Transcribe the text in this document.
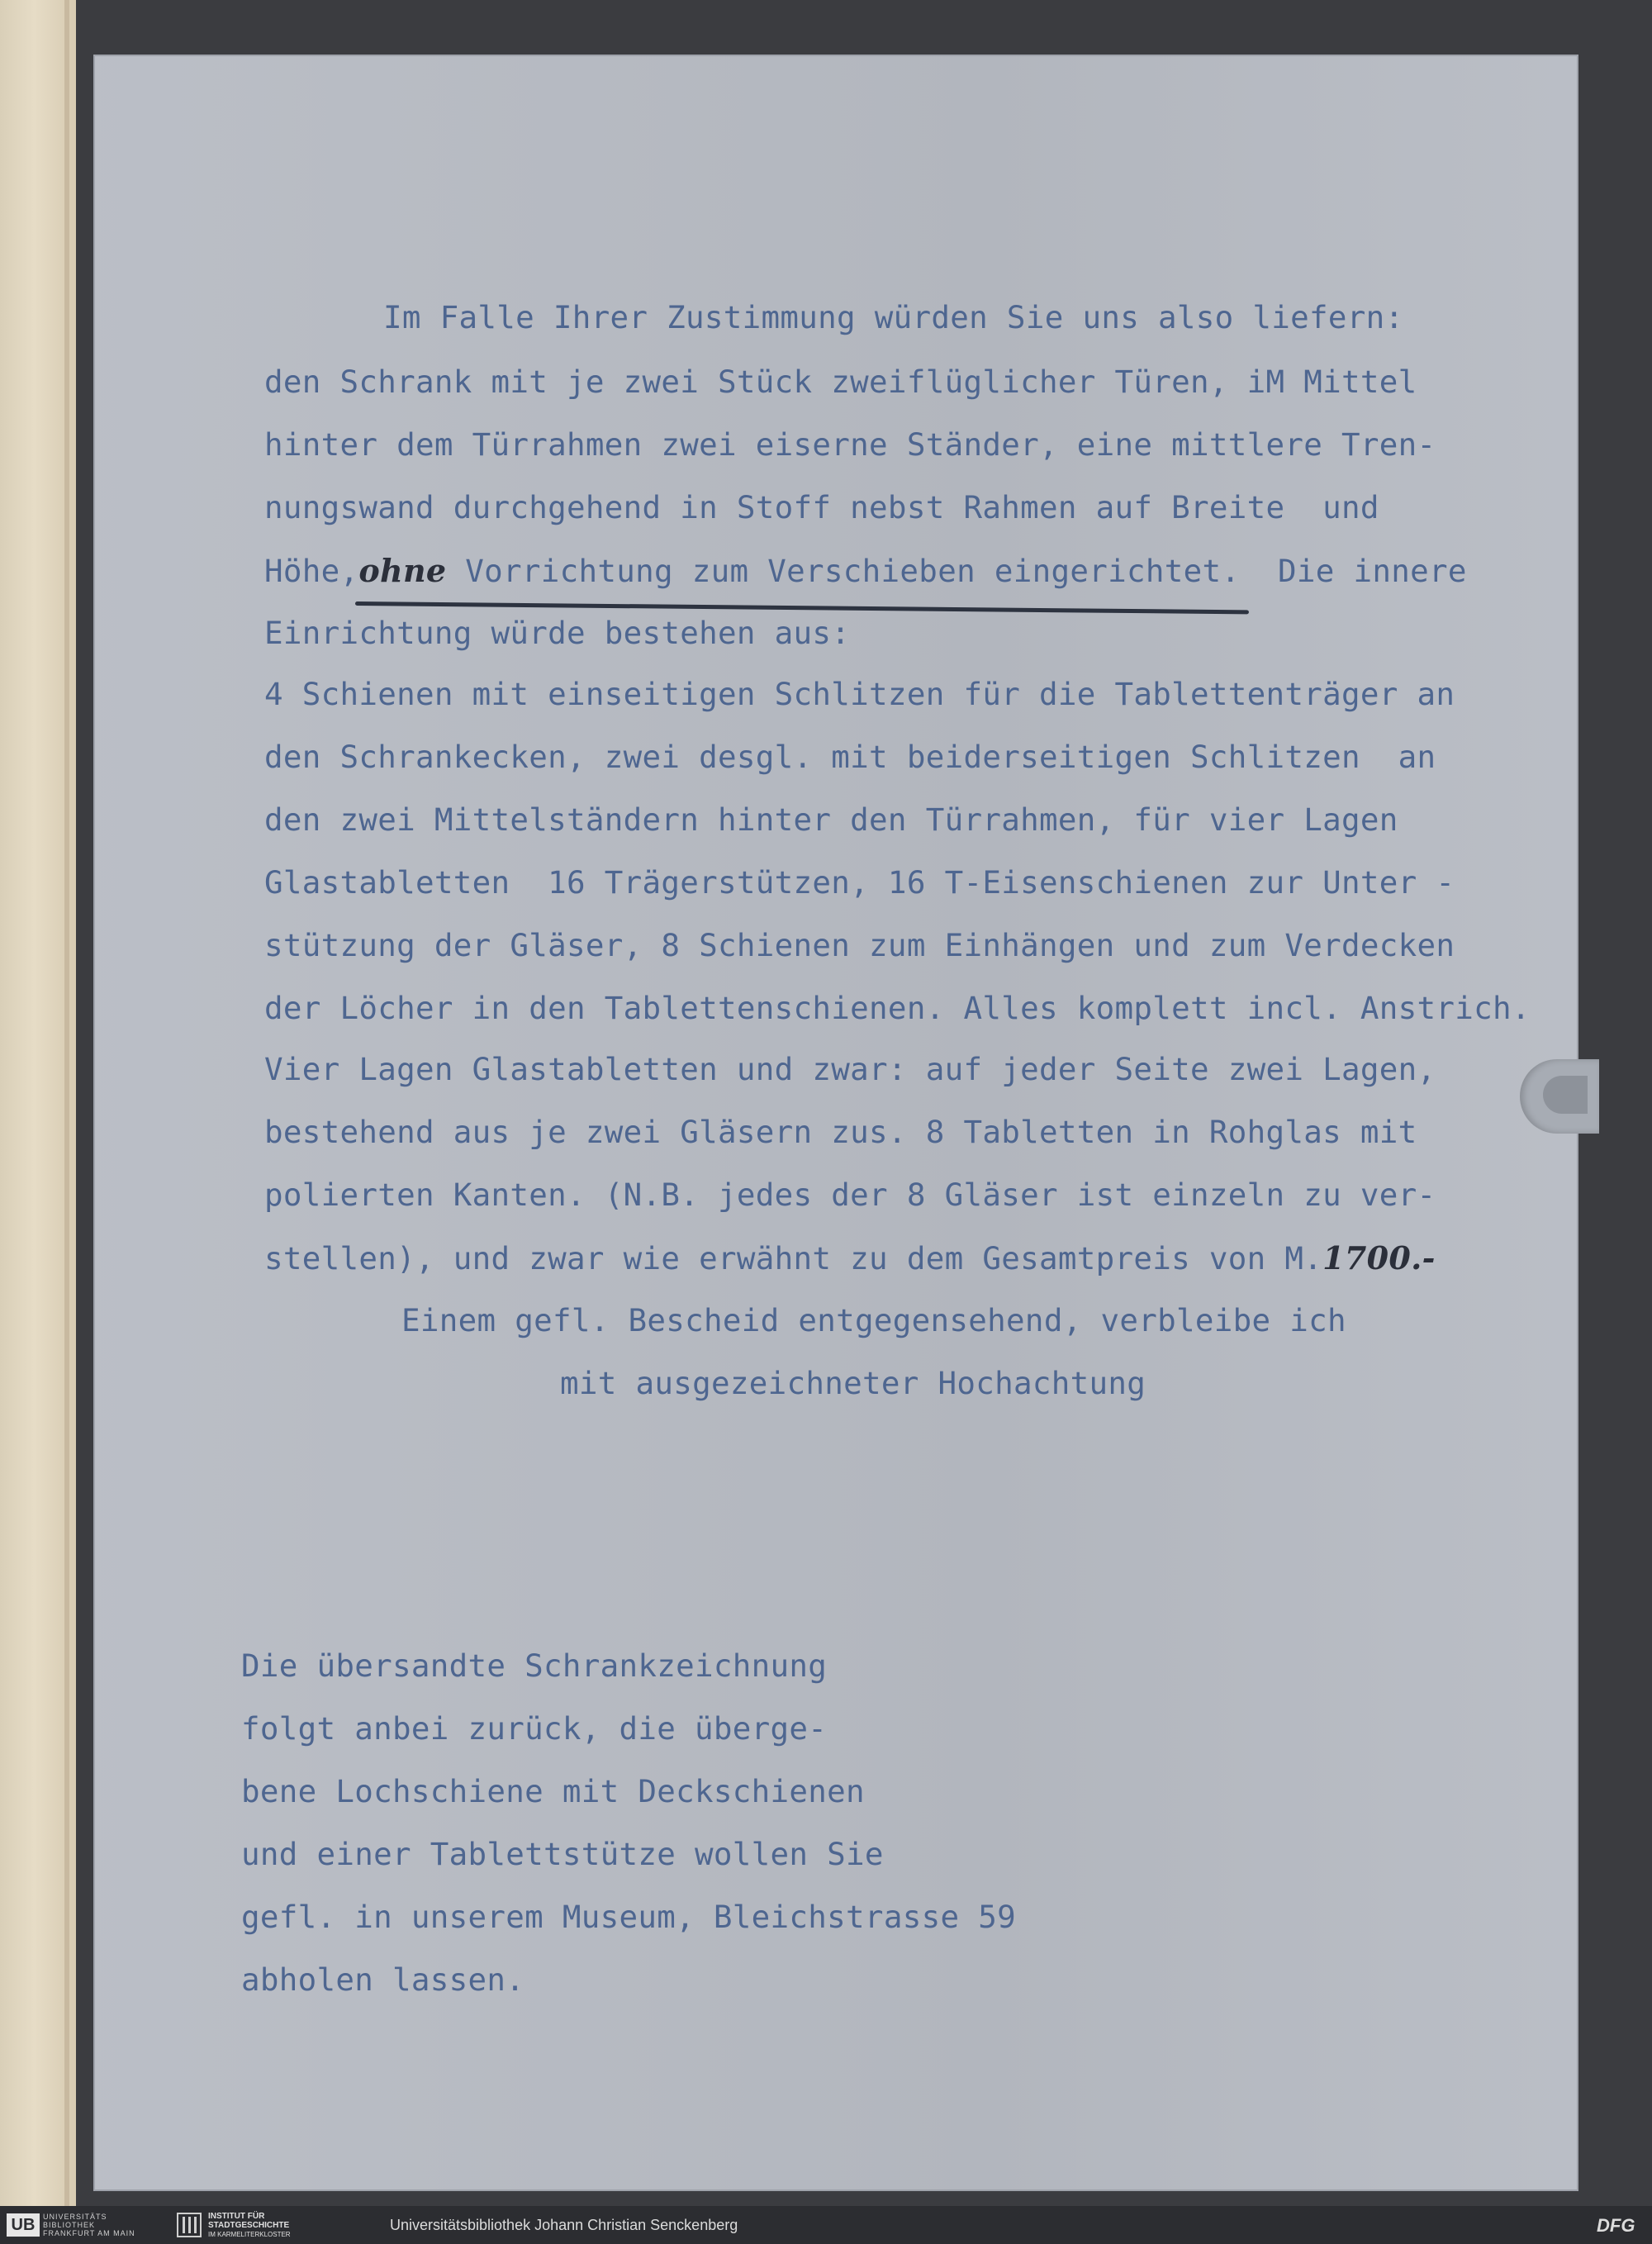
Im Falle Ihrer Zustimmung würden Sie uns also liefern:
den Schrank mit je zwei Stück zweiflüglicher Türen, iM Mittel
hinter dem Türrahmen zwei eiserne Ständer, eine mittlere Tren-
nungswand durchgehend in Stoff nebst Rahmen auf Breite  und
Höhe,ohne Vorrichtung zum Verschieben eingerichtet.  Die innere
Einrichtung würde bestehen aus:
4 Schienen mit einseitigen Schlitzen für die Tablettenträger an
den Schrankecken, zwei desgl. mit beiderseitigen Schlitzen  an
den zwei Mittelständern hinter den Türrahmen, für vier Lagen
Glastabletten  16 Trägerstützen, 16 T-Eisenschienen zur Unter -
stützung der Gläser, 8 Schienen zum Einhängen und zum Verdecken
der Löcher in den Tablettenschienen. Alles komplett incl. Anstrich.
Vier Lagen Glastabletten und zwar: auf jeder Seite zwei Lagen,
bestehend aus je zwei Gläsern zus. 8 Tabletten in Rohglas mit
polierten Kanten. (N.B. jedes der 8 Gläser ist einzeln zu ver-
stellen), und zwar wie erwähnt zu dem Gesamtpreis von M.1700.-
Einem gefl. Bescheid entgegensehend, verbleibe ich
mit ausgezeichneter Hochachtung
Die übersandte Schrankzeichnung
folgt anbei zurück, die überge-
bene Lochschiene mit Deckschienen
und einer Tablettstütze wollen Sie
gefl. in unserem Museum, Bleichstrasse 59
abholen lassen.
UB	UNIVERSITÄTS
BIBLIOTHEK
FRANKFURT AM MAIN
INSTITUT FÜR
STADTGESCHICHTE
IM KARMELITERKLOSTER
Universitätsbibliothek Johann Christian Senckenberg	DFG
